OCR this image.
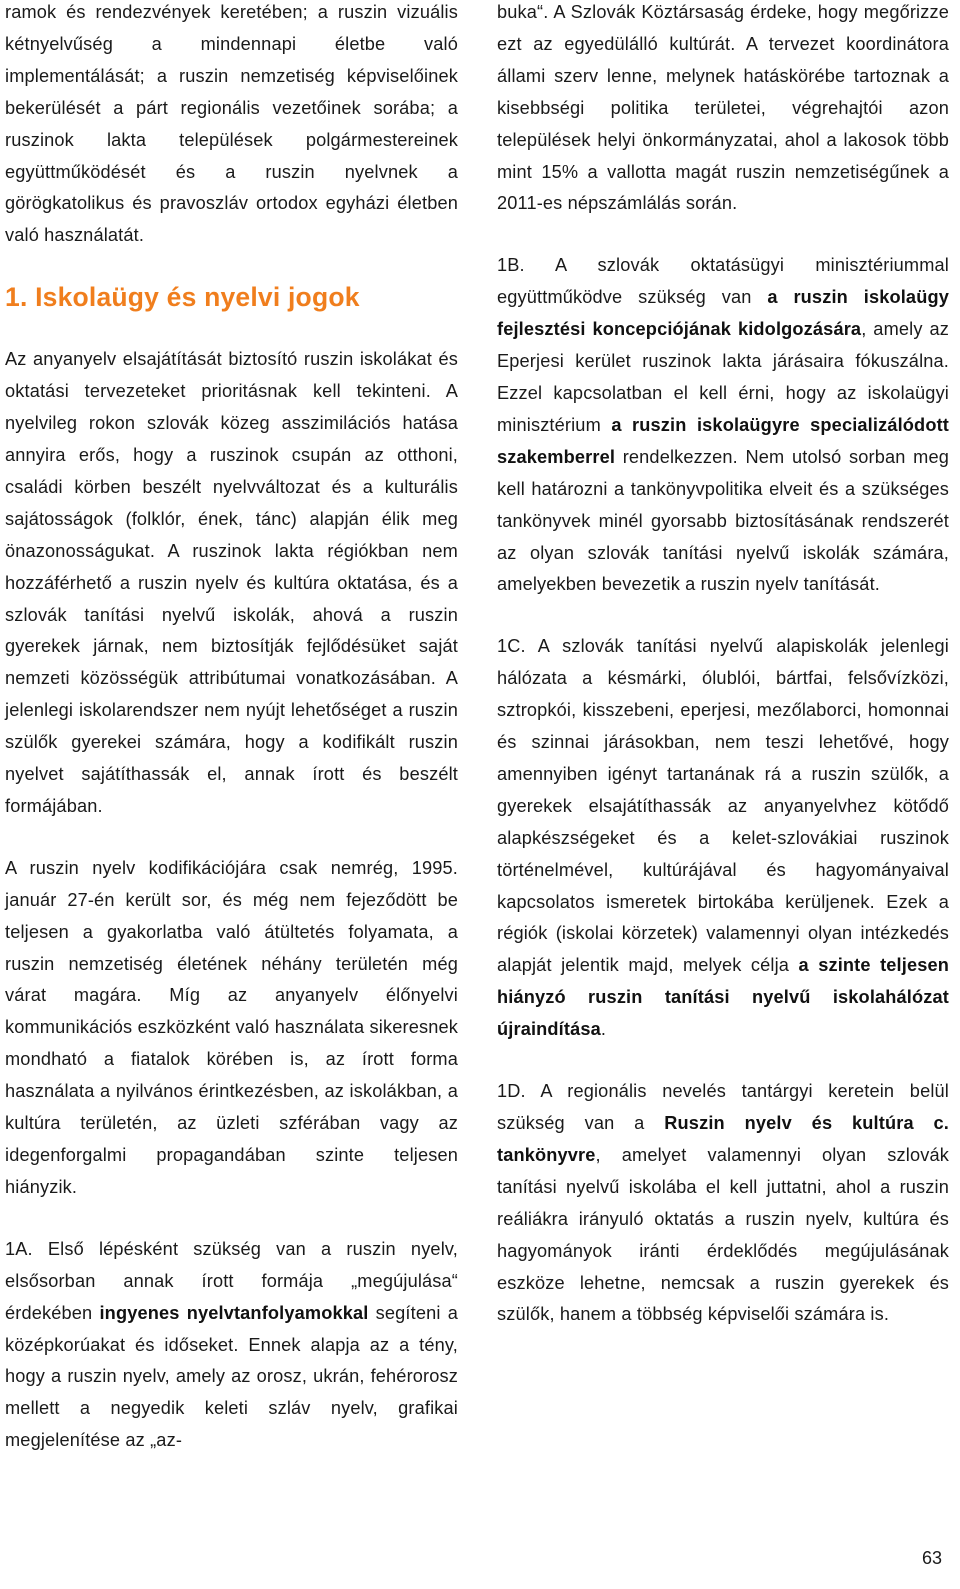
ramok és rendezvények keretében; a ruszin vizuális kétnyelvűség a mindennapi életbe való implementálását; a ruszin nemzetiség képviselőinek bekerülését a párt regionális vezetőinek sorába; a ruszinok lakta települések polgármestereinek együttműködését és a ruszin nyelvnek a görögkatolikus és pravoszláv ortodox egyházi életben való használatát.

1. Iskolaügy és nyelvi jogok

Az anyanyelv elsajátítását biztosító ruszin iskolákat és oktatási tervezeteket prioritásnak kell tekinteni. A nyelvileg rokon szlovák közeg asszimilációs hatása annyira erős, hogy a ruszinok csupán az otthoni, családi körben beszélt nyelvváltozat és a kulturális sajátosságok (folklór, ének, tánc) alapján élik meg önazonosságukat. A ruszinok lakta régiókban nem hozzáférhető a ruszin nyelv és kultúra oktatása, és a szlovák tanítási nyelvű iskolák, ahová a ruszin gyerekek járnak, nem biztosítják fejlődésüket saját nemzeti közösségük attribútumai vonatkozásában. A jelenlegi iskolarendszer nem nyújt lehetőséget a ruszin szülők gyerekei számára, hogy a kodifikált ruszin nyelvet sajátíthassák el, annak írott és beszélt formájában.

A ruszin nyelv kodifikációjára csak nemrég, 1995. január 27-én került sor, és még nem fejeződött be teljesen a gyakorlatba való átültetés folyamata, a ruszin nemzetiség életének néhány területén még várat magára. Míg az anyanyelv élőnyelvi kommunikációs eszközként való használata sikeresnek mondható a fiatalok körében is, az írott forma használata a nyilvános érintkezésben, az iskolákban, a kultúra területén, az üzleti szférában vagy az idegenforgalmi propagandában szinte teljesen hiányzik.

1A. Első lépésként szükség van a ruszin nyelv, elsősorban annak írott formája „megújulása“ érdekében ingyenes nyelvtanfolyamokkal segíteni a középkorúakat és időseket. Ennek alapja az a tény, hogy a ruszin nyelv, amely az orosz, ukrán, fehérorosz mellett a negyedik keleti szláv nyelv, grafikai megjelenítése az „az-

buka“. A Szlovák Köztársaság érdeke, hogy megőrizze ezt az egyedülálló kultúrát. A tervezet koordinátora állami szerv lenne, melynek hatáskörébe tartoznak a kisebbségi politika területei, végrehajtói azon települések helyi önkormányzatai, ahol a lakosok több mint 15% a vallotta magát ruszin nemzetiségűnek a 2011-es népszámlálás során.

1B. A szlovák oktatásügyi minisztériummal együttműködve szükség van a ruszin iskolaügy fejlesztési koncepciójának kidolgozására, amely az Eperjesi kerület ruszinok lakta járásaira fókuszálna. Ezzel kapcsolatban el kell érni, hogy az iskolaügyi minisztérium a ruszin iskolaügyre specializálódott szakemberrel rendelkezzen. Nem utolsó sorban meg kell határozni a tankönyvpolitika elveit és a szükséges tankönyvek minél gyorsabb biztosításának rendszerét az olyan szlovák tanítási nyelvű iskolák számára, amelyekben bevezetik a ruszin nyelv tanítását.

1C. A szlovák tanítási nyelvű alapiskolák jelenlegi hálózata a késmárki, ólublói, bártfai, felsővízközi, sztropkói, kisszebeni, eperjesi, mezőlaborci, homonnai és szinnai járásokban, nem teszi lehetővé, hogy amennyiben igényt tartanának rá a ruszin szülők, a gyerekek elsajátíthassák az anyanyelvhez kötődő alapkészségeket és a kelet-szlovákiai ruszinok történelmével, kultúrájával és hagyományaival kapcsolatos ismeretek birtokába kerüljenek. Ezek a régiók (iskolai körzetek) valamennyi olyan intézkedés alapját jelentik majd, melyek célja a szinte teljesen hiányzó ruszin tanítási nyelvű iskolahálózat újraindítása.

1D. A regionális nevelés tantárgyi keretein belül szükség van a Ruszin nyelv és kultúra c. tankönyvre, amelyet valamennyi olyan szlovák tanítási nyelvű iskolába el kell juttatni, ahol a ruszin reáliákra irányuló oktatás a ruszin nyelv, kultúra és hagyományok iránti érdeklődés megújulásának eszköze lehetne, nemcsak a ruszin gyerekek és szülők, hanem a többség képviselői számára is.

63
